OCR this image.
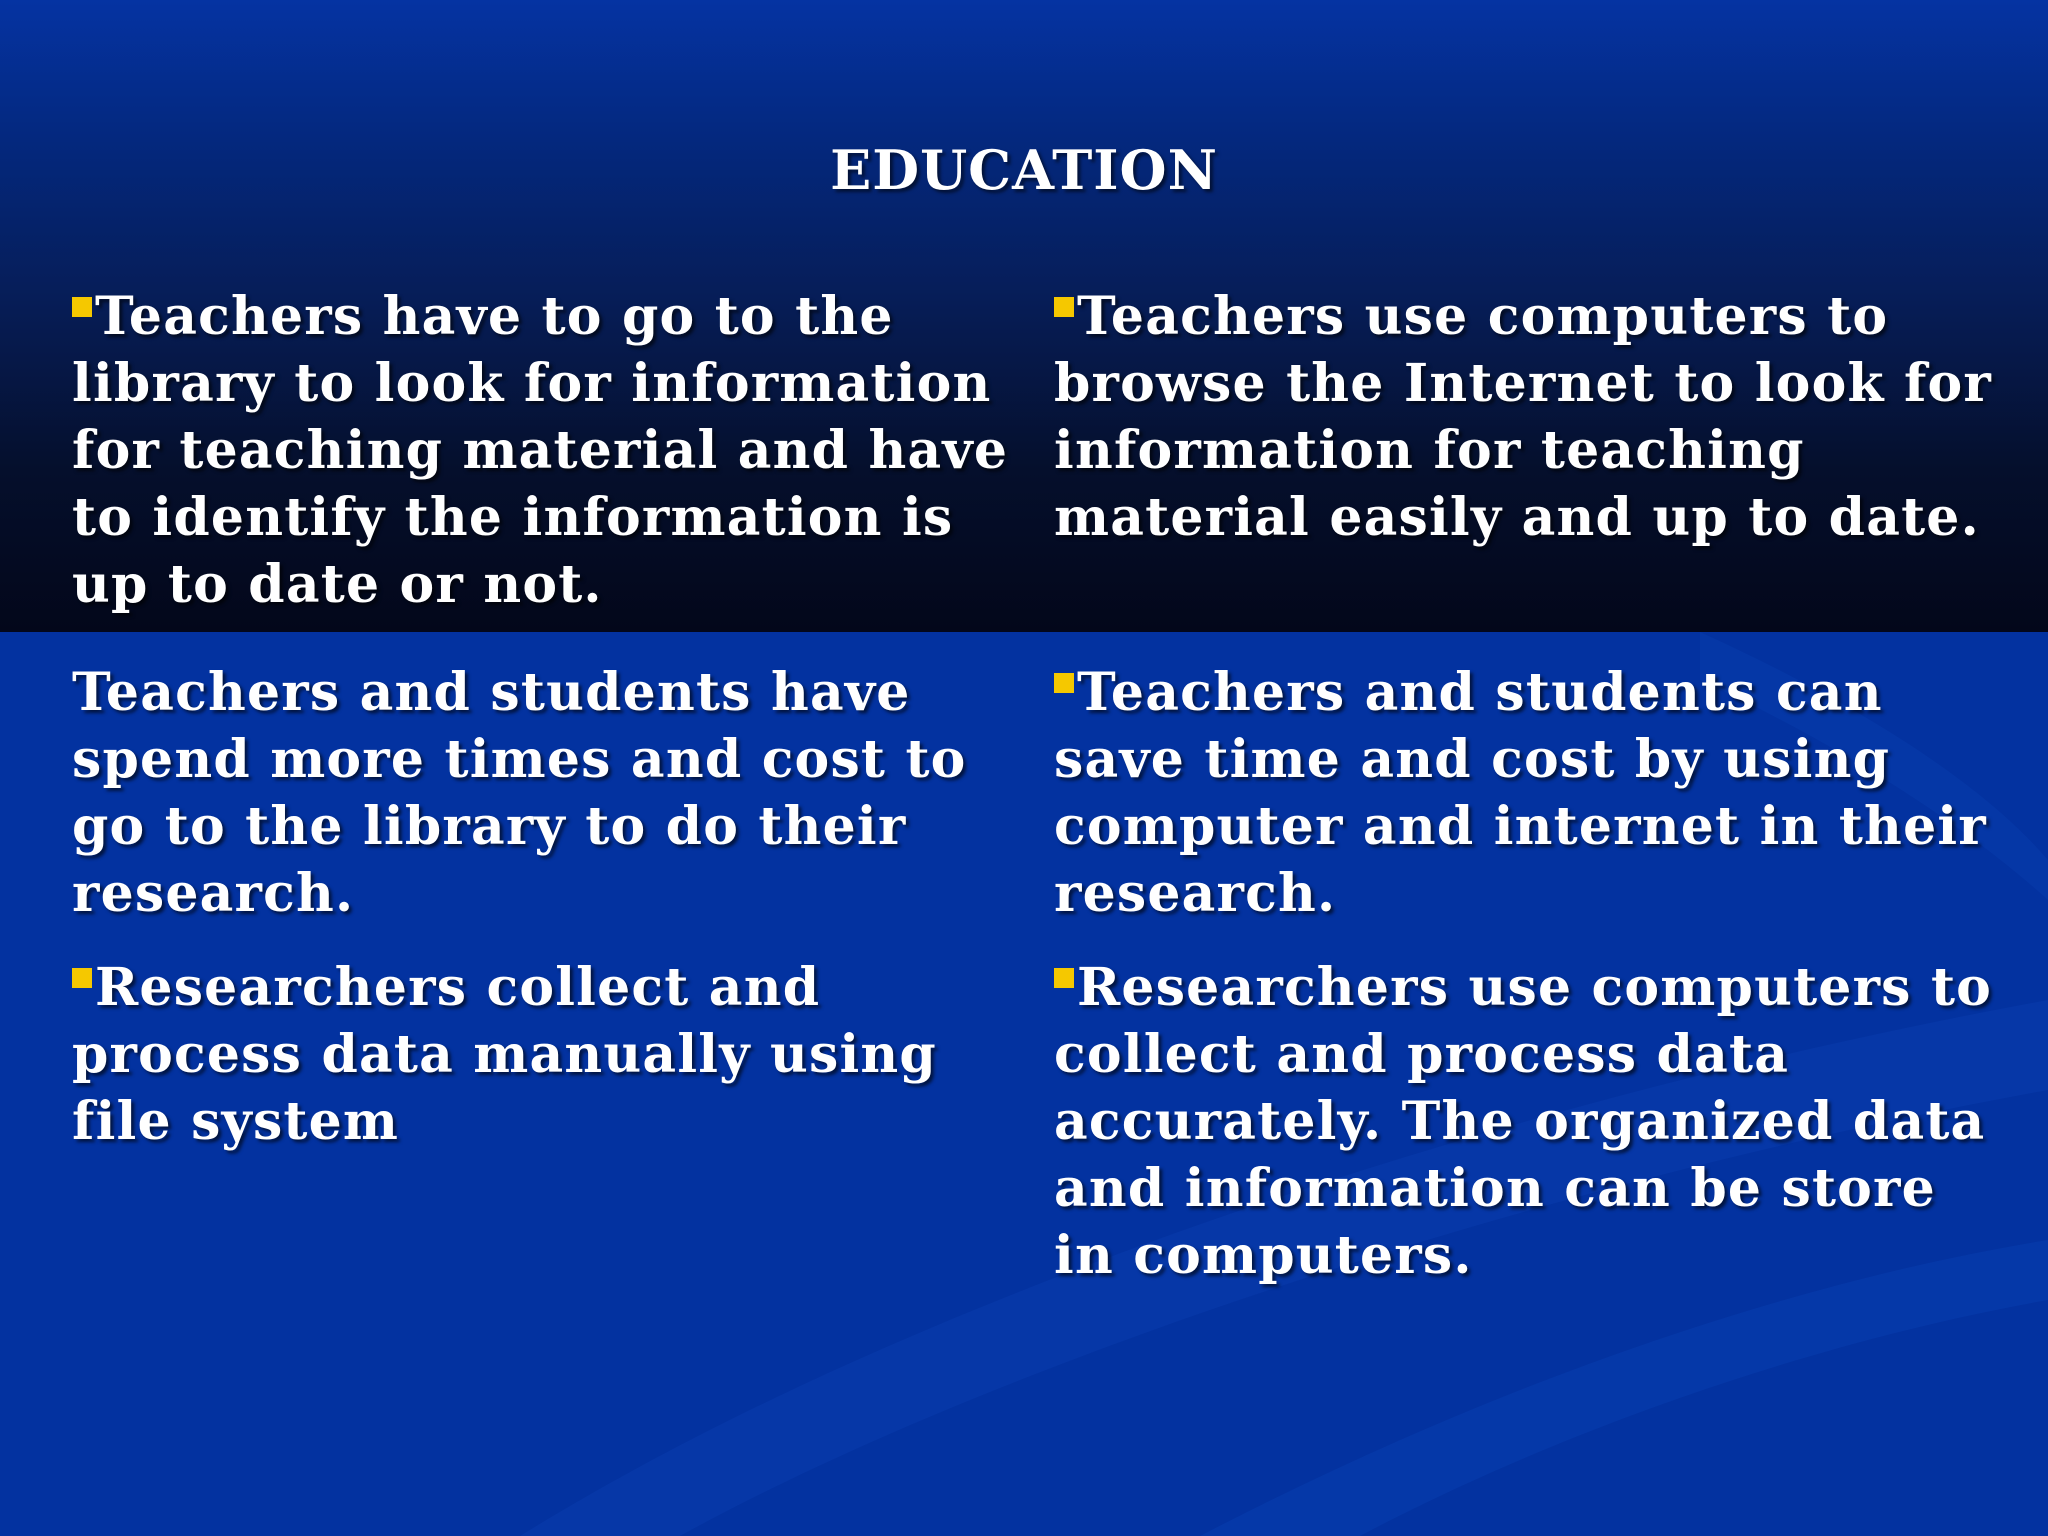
EDUCATION

Teachers have to go to the library to look for information for teaching material and have to identify the information is up to date or not.

Teachers use computers to browse the Internet to look for information for teaching material easily and up to date.

Teachers and students have spend more times and cost to go to the library to do their research.

Teachers and students can save time and cost by using computer and internet in their research.

Researchers collect and process data manually using file system

Researchers use computers to collect and process data accurately. The organized data and information can be store in computers.
